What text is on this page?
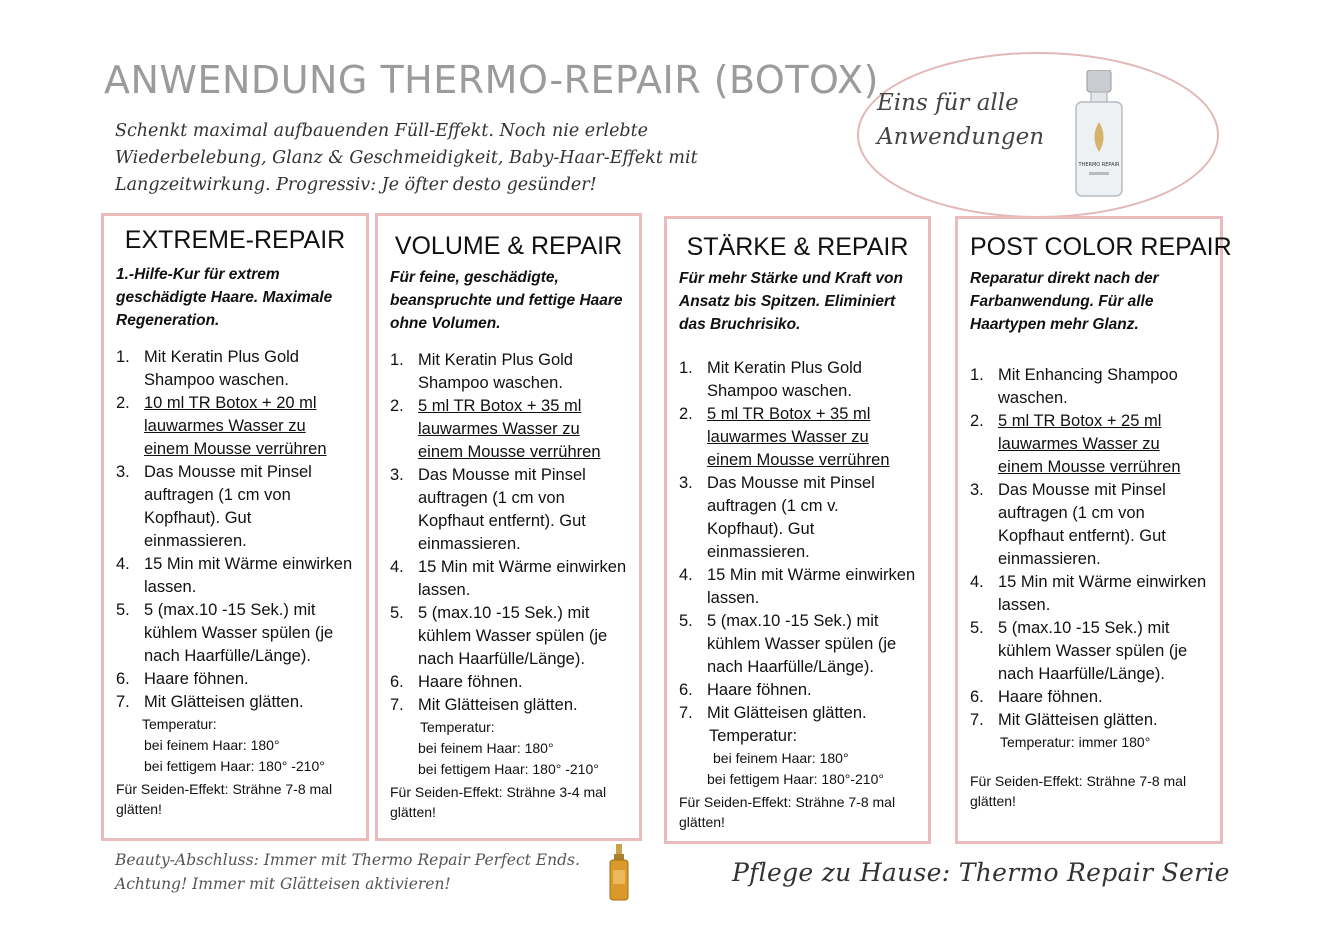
ANWENDUNG THERMO-REPAIR (BOTOX)
Schenkt maximal aufbauenden Füll-Effekt. Noch nie erlebte Wiederbelebung, Glanz & Geschmeidigkeit, Baby-Haar-Effekt mit Langzeitwirkung. Progressiv: Je öfter desto gesünder!
Eins für alle
Anwendungen
THERMO REPAIR
EXTREME-REPAIR
1.-Hilfe-Kur für extrem geschädigte Haare. Maximale Regeneration.
1. Mit Keratin Plus Gold Shampoo waschen.
2. 10 ml TR Botox + 20 ml lauwarmes Wasser zu einem Mousse verrühren
3. Das Mousse mit Pinsel auftragen (1 cm von Kopfhaut). Gut einmassieren.
4. 15 Min mit Wärme einwirken lassen.
5. 5 (max.10 -15 Sek.) mit kühlem Wasser spülen (je nach Haarfülle/Länge).
6. Haare föhnen.
7. Mit Glätteisen glätten.
Temperatur:
bei feinem Haar: 180°
bei fettigem Haar: 180° -210°
Für Seiden-Effekt: Strähne 7-8 mal glätten!
VOLUME & REPAIR
Für feine, geschädigte, beanspruchte und fettige Haare ohne Volumen.
1. Mit Keratin Plus Gold Shampoo waschen.
2. 5 ml TR Botox + 35 ml lauwarmes Wasser zu einem Mousse verrühren
3. Das Mousse mit Pinsel auftragen (1 cm von Kopfhaut entfernt). Gut einmassieren.
4. 15 Min mit Wärme einwirken lassen.
5. 5 (max.10 -15 Sek.) mit kühlem Wasser spülen (je nach Haarfülle/Länge).
6. Haare föhnen.
7. Mit Glätteisen glätten.
Temperatur:
bei feinem Haar: 180°
bei fettigem Haar: 180° -210°
Für Seiden-Effekt: Strähne 3-4 mal glätten!
STÄRKE & REPAIR
Für mehr Stärke und Kraft von Ansatz bis Spitzen. Eliminiert das Bruchrisiko.
1. Mit Keratin Plus Gold Shampoo waschen.
2. 5 ml TR Botox + 35 ml lauwarmes Wasser zu einem Mousse verrühren
3. Das Mousse mit Pinsel auftragen (1 cm v. Kopfhaut). Gut einmassieren.
4. 15 Min mit Wärme einwirken lassen.
5. 5 (max.10 -15 Sek.) mit kühlem Wasser spülen (je nach Haarfülle/Länge).
6. Haare föhnen.
7. Mit Glätteisen glätten.
Temperatur:
bei feinem Haar: 180°
bei fettigem Haar: 180°-210°
Für Seiden-Effekt: Strähne 7-8 mal glätten!
POST COLOR REPAIR
Reparatur direkt nach der Farbanwendung. Für alle Haartypen mehr Glanz.
1. Mit Enhancing Shampoo waschen.
2. 5 ml TR Botox + 25 ml lauwarmes Wasser zu einem Mousse verrühren
3. Das Mousse mit Pinsel auftragen (1 cm von Kopfhaut entfernt). Gut einmassieren.
4. 15 Min mit Wärme einwirken lassen.
5. 5 (max.10 -15 Sek.) mit kühlem Wasser spülen (je nach Haarfülle/Länge).
6. Haare föhnen.
7. Mit Glätteisen glätten.
Temperatur: immer 180°
Für Seiden-Effekt: Strähne 7-8 mal glätten!
Beauty-Abschluss: Immer mit Thermo Repair Perfect Ends.
Achtung! Immer mit Glätteisen aktivieren!	Pflege zu Hause: Thermo Repair Serie
